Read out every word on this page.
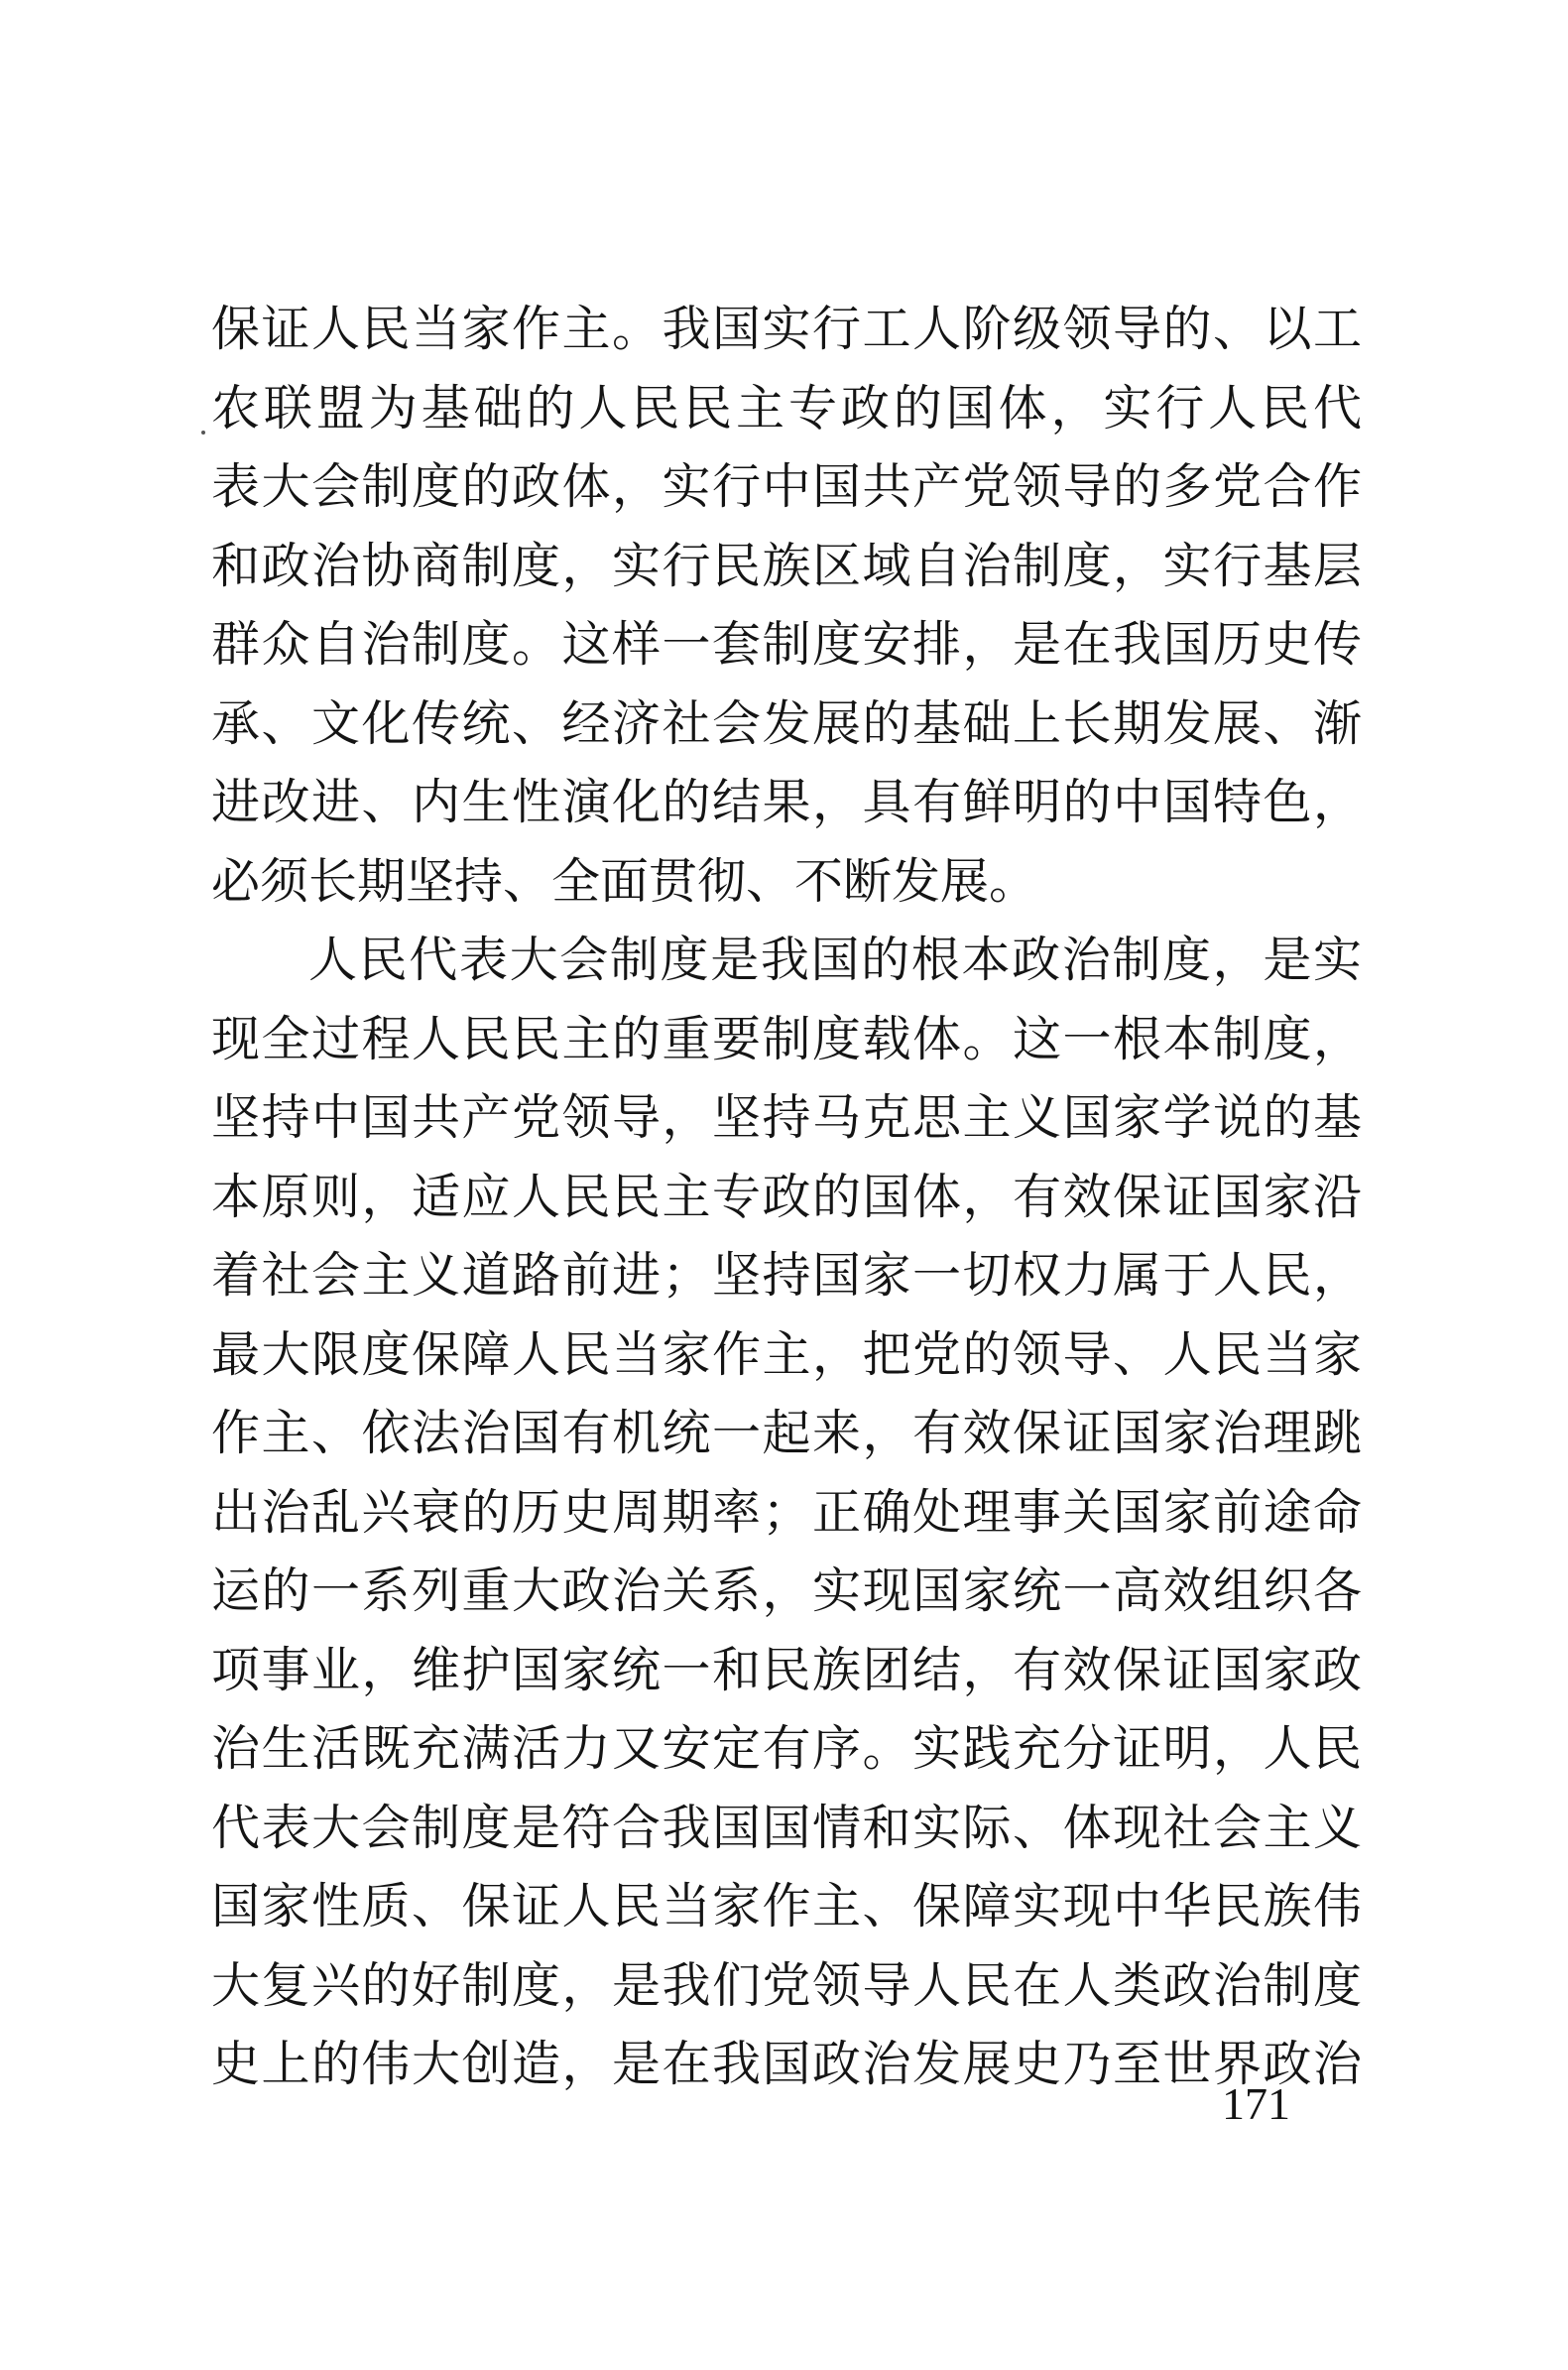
保证人民当家作主。我国实行工人阶级领导的、以工
农联盟为基础的人民民主专政的国体，实行人民代
表大会制度的政体，实行中国共产党领导的多党合作
和政治协商制度，实行民族区域自治制度，实行基层
群众自治制度。这样一套制度安排，是在我国历史传
承、文化传统、经济社会发展的基础上长期发展、渐
进改进、内生性演化的结果，具有鲜明的中国特色，
必须长期坚持、全面贯彻、不断发展。
人民代表大会制度是我国的根本政治制度，是实
现全过程人民民主的重要制度载体。这一根本制度，
坚持中国共产党领导，坚持马克思主义国家学说的基
本原则，适应人民民主专政的国体，有效保证国家沿
着社会主义道路前进；坚持国家一切权力属于人民，
最大限度保障人民当家作主，把党的领导、人民当家
作主、依法治国有机统一起来，有效保证国家治理跳
出治乱兴衰的历史周期率；正确处理事关国家前途命
运的一系列重大政治关系，实现国家统一高效组织各
项事业，维护国家统一和民族团结，有效保证国家政
治生活既充满活力又安定有序。实践充分证明，人民
代表大会制度是符合我国国情和实际、体现社会主义
国家性质、保证人民当家作主、保障实现中华民族伟
大复兴的好制度，是我们党领导人民在人类政治制度
史上的伟大创造，是在我国政治发展史乃至世界政治
171
